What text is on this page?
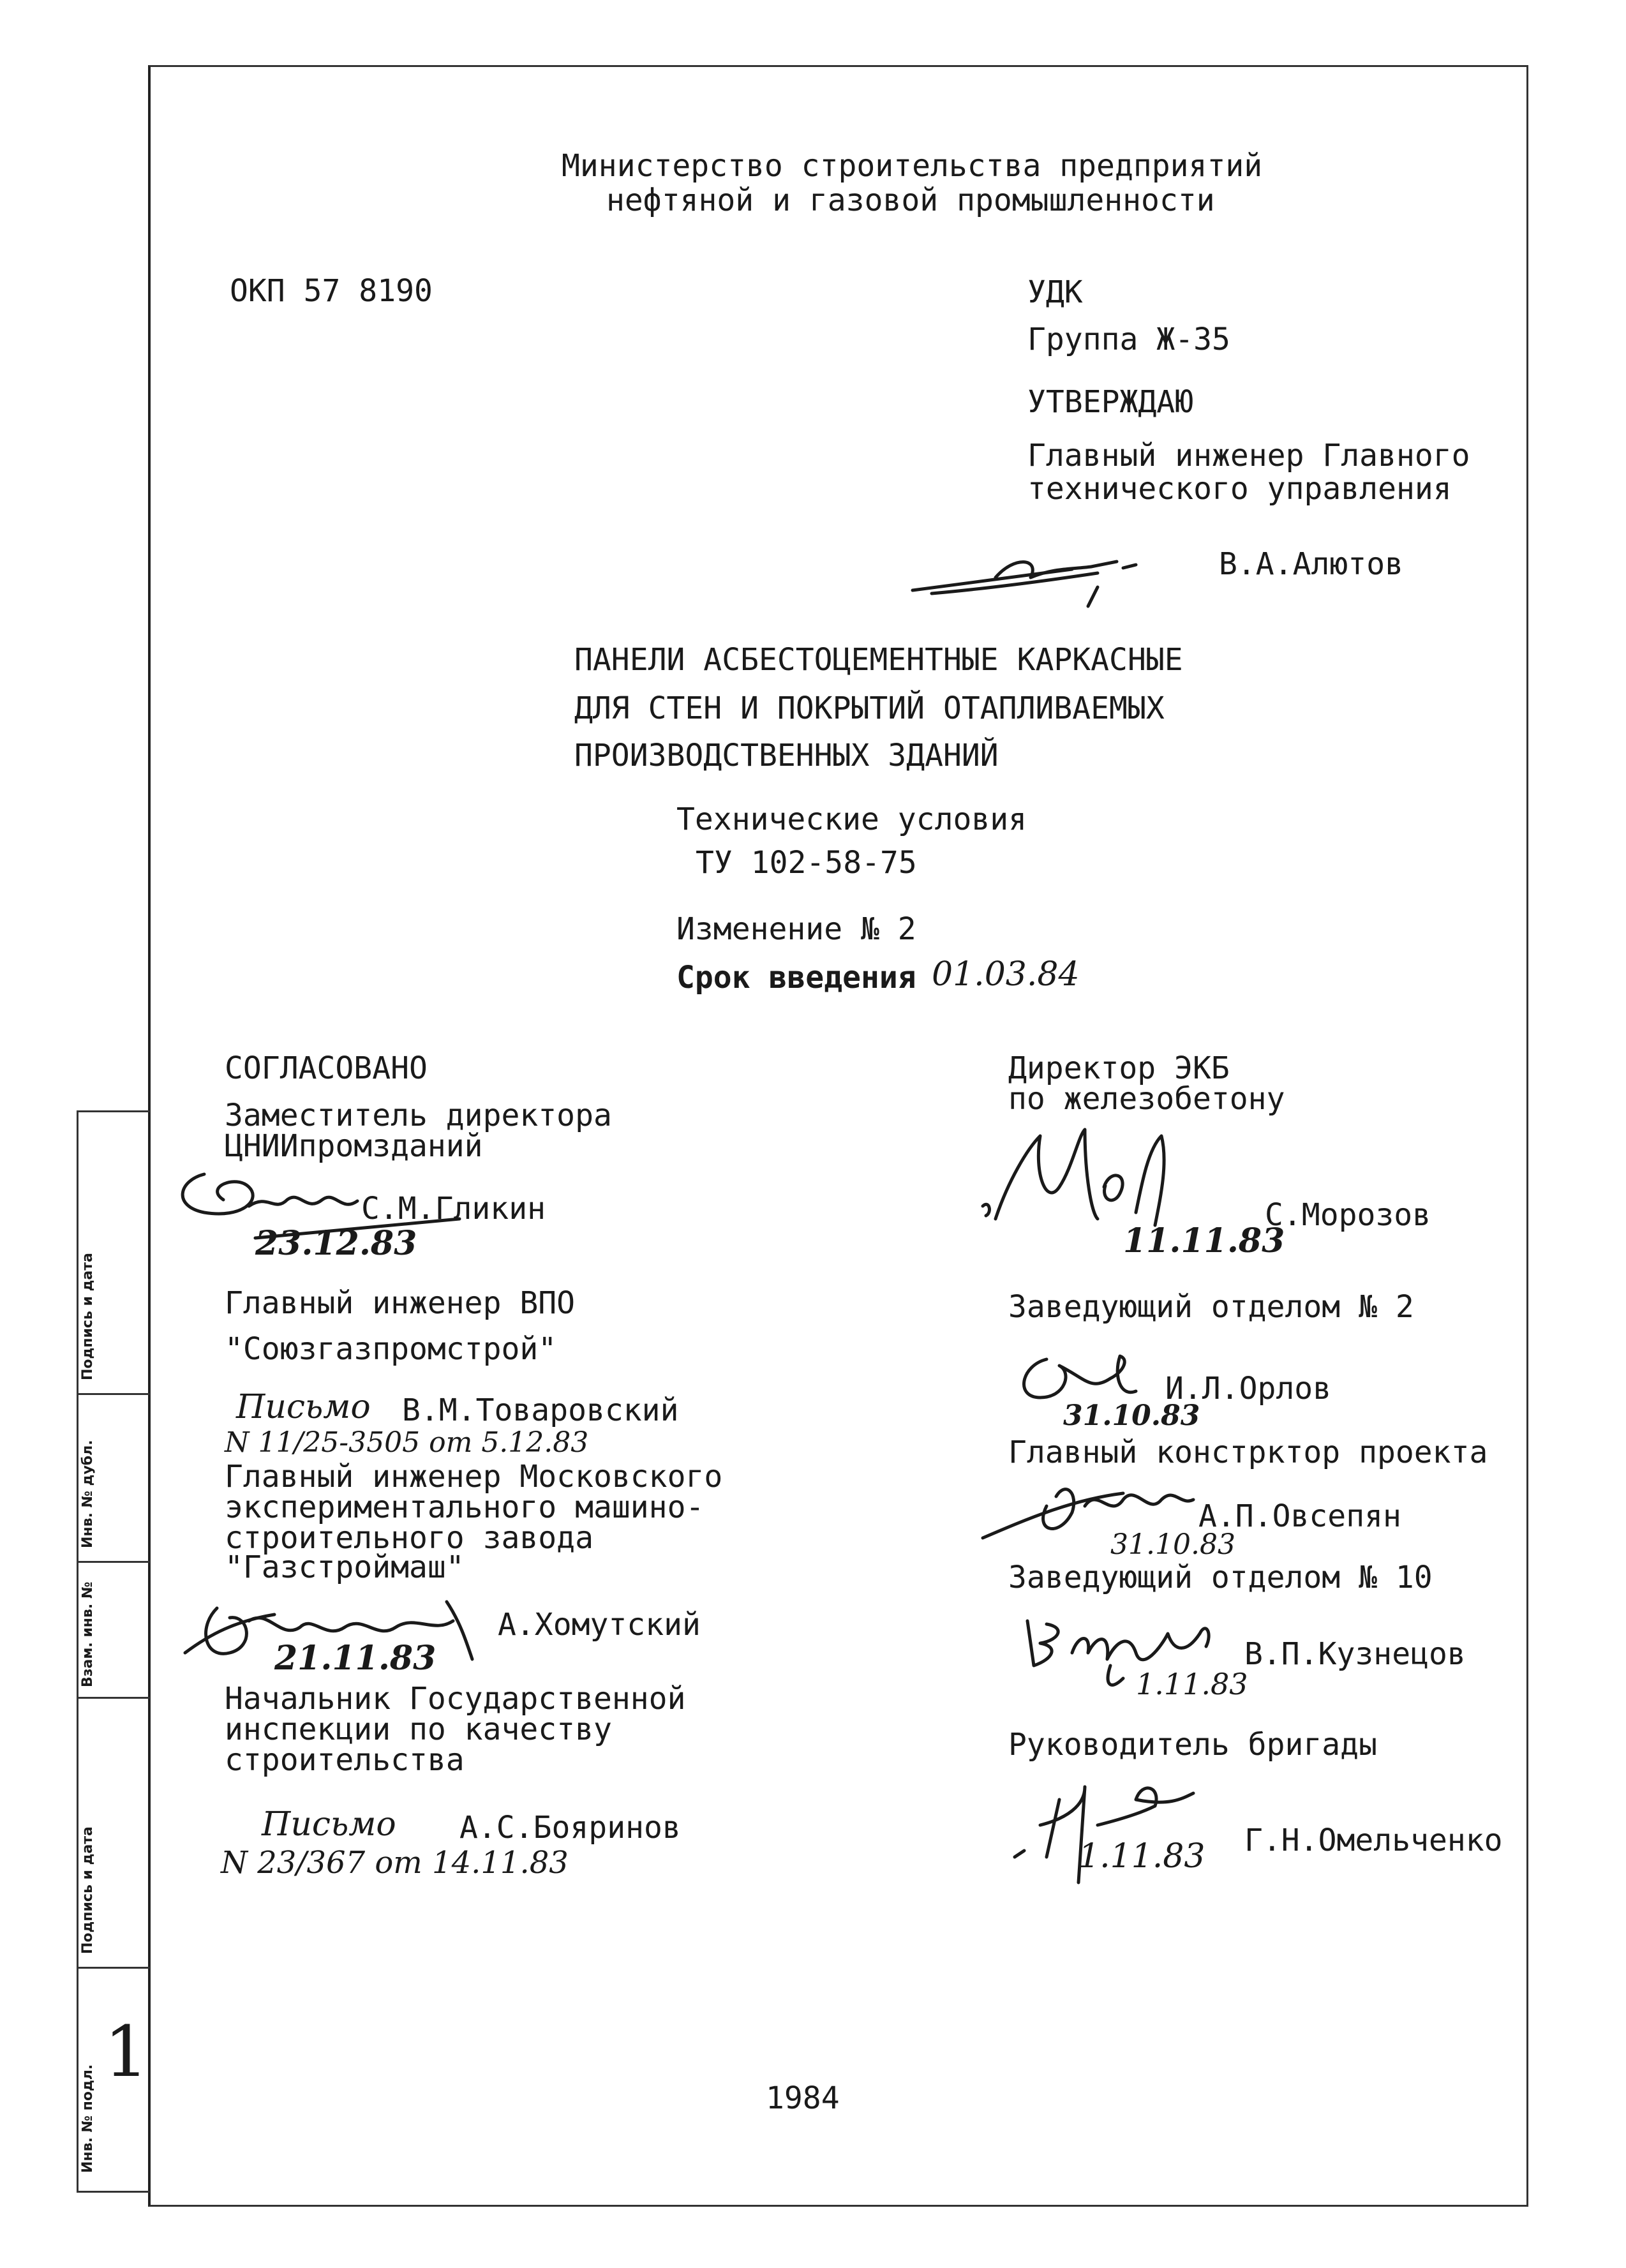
Министерство строительства предприятий
нефтяной и газовой промышленности
ОКП 57 8190	УДК
Группа Ж-35
УТВЕРЖДАЮ
Главный инженер Главного
технического управления
В.А.Алютов
ПАНЕЛИ АСБЕСТОЦЕМЕНТНЫЕ КАРКАСНЫЕ
ДЛЯ СТЕН И ПОКРЫТИЙ ОТАПЛИВАЕМЫХ
ПРОИЗВОДСТВЕННЫХ ЗДАНИЙ
Технические условия
ТУ 102-58-75
Изменение № 2
Срок введения 01.03.84
СОГЛАСОВАНО
Заместитель директора
ЦНИИпромзданий
С.М.Гликин
23.12.83
Главный инженер ВПО
"Союзгазпромстрой"
Письмо В.М.Товаровский
N 11/25-3505 от 5.12.83
Главный инженер Московского
экспериментального машино-
строительного завода
"Газстроймаш"
А.Хомутский
21.11.83
Начальник Государственной
инспекции по качеству
строительства
Письмо А.С.Бояринов
N 23/367 от 14.11.83
Директор ЭКБ
по железобетону
С.Морозов
11.11.83
Заведующий отделом № 2
И.Л.Орлов
31.10.83
Главный констрктор проекта
А.П.Овсепян
31.10.83
Заведующий отделом № 10
В.П.Кузнецов
1.11.83
Руководитель бригады
Г.Н.Омельченко
1.11.83
1984
Подпись и дата
Инв. № дубл.
Взам. инв. №
Подпись и дата
Инв. № подл.
1
